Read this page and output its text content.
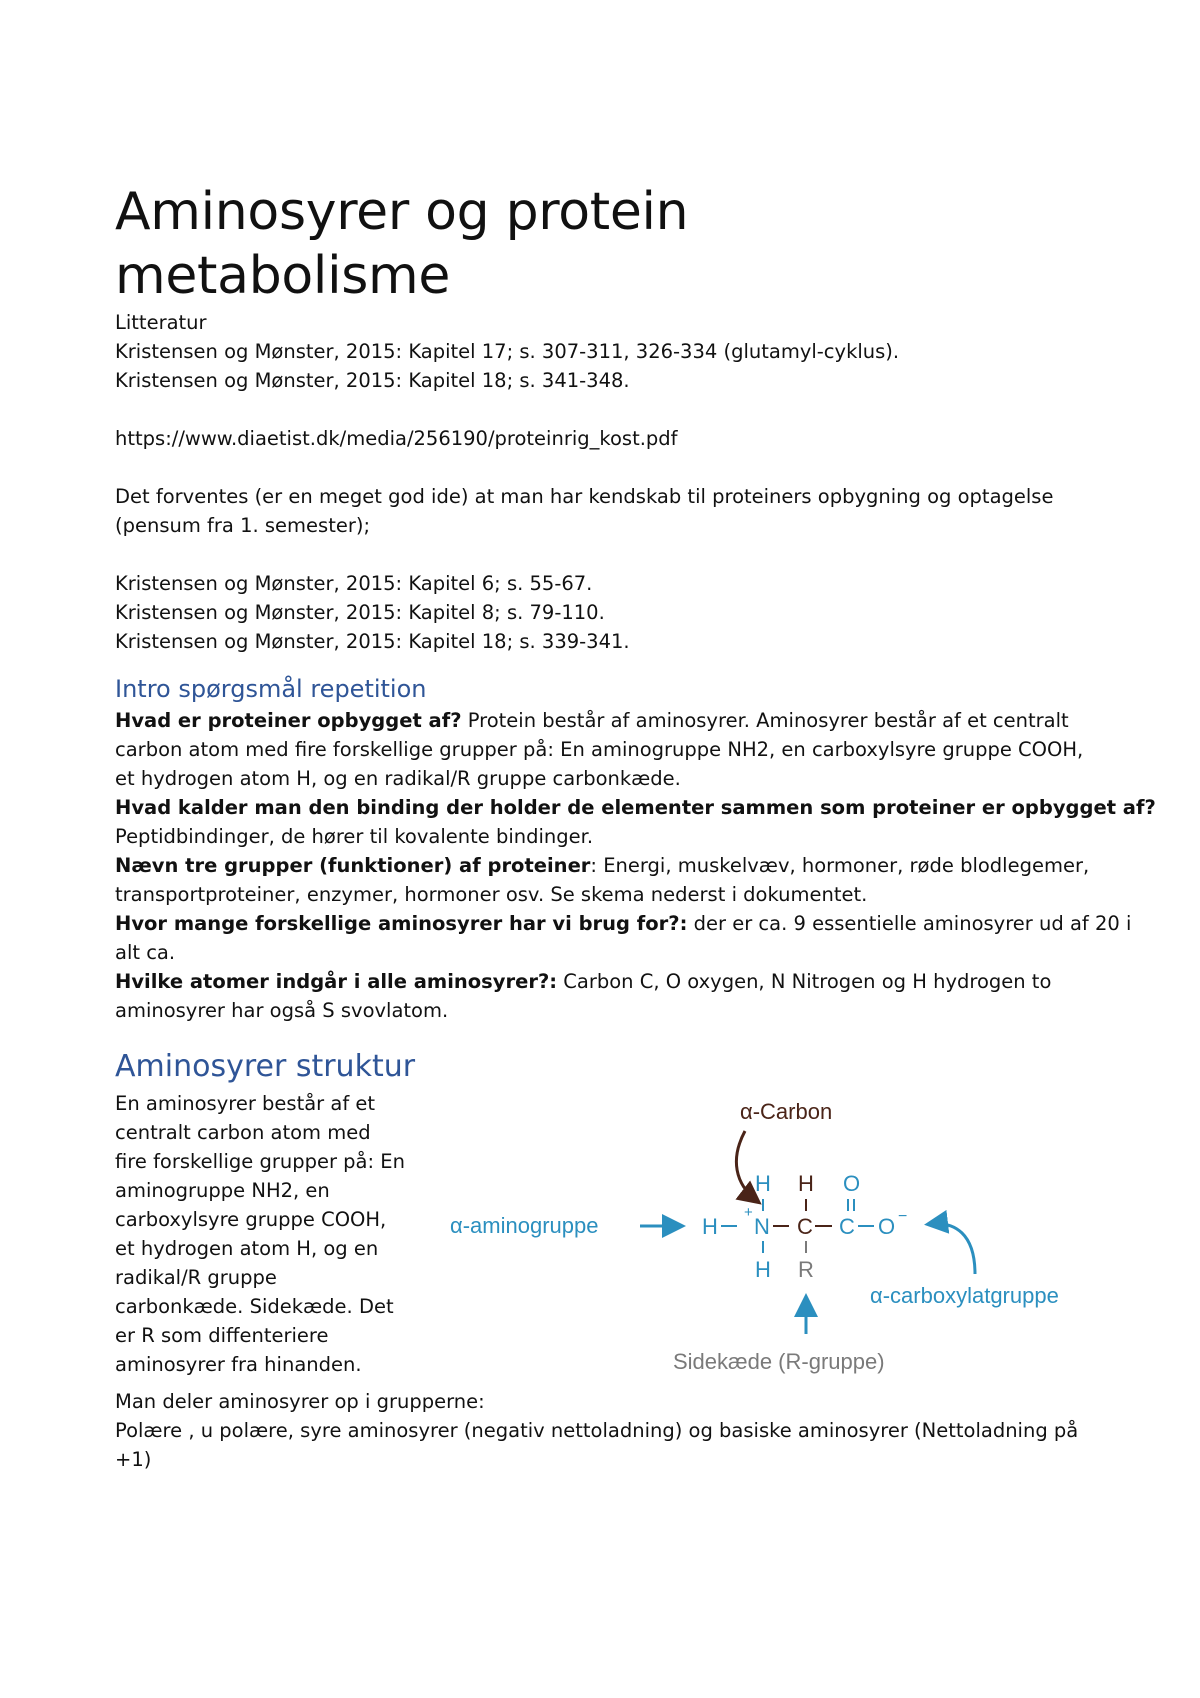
Aminosyrer og protein
metabolisme
Litteratur
Kristensen og Mønster, 2015: Kapitel 17; s. 307-311, 326-334 (glutamyl-cyklus).
Kristensen og Mønster, 2015: Kapitel 18; s. 341-348.
https://www.diaetist.dk/media/256190/proteinrig_kost.pdf
Det forventes (er en meget god ide) at man har kendskab til proteiners opbygning og optagelse
(pensum fra 1. semester);
Kristensen og Mønster, 2015: Kapitel 6; s. 55-67.
Kristensen og Mønster, 2015: Kapitel 8; s. 79-110.
Kristensen og Mønster, 2015: Kapitel 18; s. 339-341.
Intro spørgsmål repetition
Hvad er proteiner opbygget af? Protein består af aminosyrer. Aminosyrer består af et centralt
carbon atom med fire forskellige grupper på: En aminogruppe NH2, en carboxylsyre gruppe COOH,
et hydrogen atom H, og en radikal/R gruppe carbonkæde.
Hvad kalder man den binding der holder de elementer sammen som proteiner er opbygget af?
Peptidbindinger, de hører til kovalente bindinger.
Nævn tre grupper (funktioner) af proteiner: Energi, muskelvæv, hormoner, røde blodlegemer,
transportproteiner, enzymer, hormoner osv. Se skema nederst i dokumentet.
Hvor mange forskellige aminosyrer har vi brug for?: der er ca. 9 essentielle aminosyrer ud af 20 i
alt ca.
Hvilke atomer indgår i alle aminosyrer?: Carbon C, O oxygen, N Nitrogen og H hydrogen to
aminosyrer har også S svovlatom.
Aminosyrer struktur
En aminosyrer består af et
centralt carbon atom med
fire forskellige grupper på: En
aminogruppe NH2, en
carboxylsyre gruppe COOH,
et hydrogen atom H, og en
radikal/R gruppe
carbonkæde. Sidekæde. Det
er R som diffenteriere
aminosyrer fra hinanden.
α-Carbon
α-aminogruppe
H H O
H
+
N C C O −
H R
α-carboxylatgruppe
Sidekæde (R-gruppe)
Man deler aminosyrer op i grupperne:
Polære , u polære, syre aminosyrer (negativ nettoladning) og basiske aminosyrer (Nettoladning på
+1)
